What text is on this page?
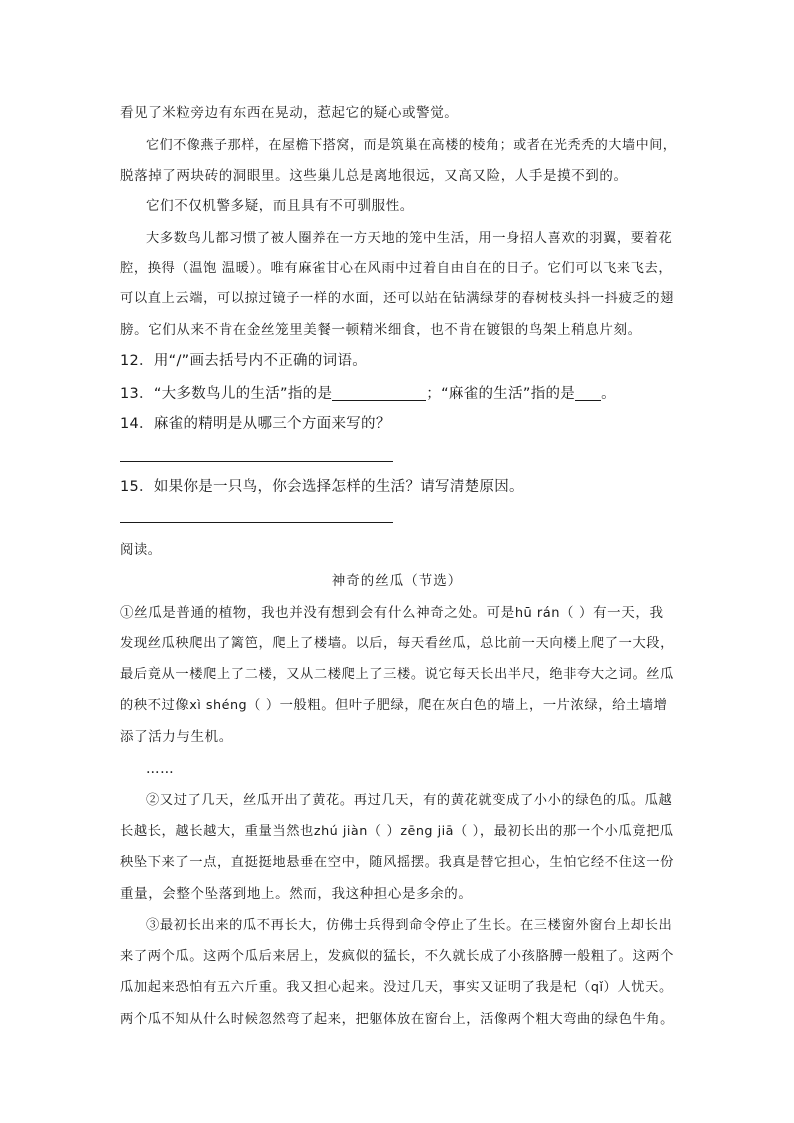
看见了米粒旁边有东西在晃动，惹起它的疑心或警觉。
它们不像燕子那样，在屋檐下搭窝，而是筑巢在高楼的棱角；或者在光秃秃的大墙中间，
脱落掉了两块砖的洞眼里。这些巢儿总是离地很远，又高又险，人手是摸不到的。
它们不仅机警多疑，而且具有不可驯服性。
大多数鸟儿都习惯了被人圈养在一方天地的笼中生活，用一身招人喜欢的羽翼，要着花
腔，换得（温饱 温暖）。唯有麻雀甘心在风雨中过着自由自在的日子。它们可以飞来飞去，
可以直上云端，可以掠过镜子一样的水面，还可以站在钻满绿芽的春树枝头抖一抖疲乏的翅
膀。它们从来不肯在金丝笼里美餐一顿精米细食，也不肯在镀银的鸟架上稍息片刻。
12．用“/”画去括号内不正确的词语。
13．“大多数鸟儿的生活”指的是	；“麻雀的生活”指的是 。
14．麻雀的精明是从哪三个方面来写的？
15．如果你是一只鸟，你会选择怎样的生活？请写清楚原因。
阅读。
神奇的丝瓜（节选）
①丝瓜是普通的植物，我也并没有想到会有什么神奇之处。可是hū rán（ ）有一天，我
发现丝瓜秧爬出了篱笆，爬上了楼墙。以后，每天看丝瓜，总比前一天向楼上爬了一大段，
最后竟从一楼爬上了二楼，又从二楼爬上了三楼。说它每天长出半尺，绝非夸大之词。丝瓜
的秧不过像xì shéng（ ）一般粗。但叶子肥绿，爬在灰白色的墙上，一片浓绿，给土墙增
添了活力与生机。
……
②又过了几天，丝瓜开出了黄花。再过几天，有的黄花就变成了小小的绿色的瓜。瓜越
长越长，越长越大，重量当然也zhú jiàn（ ）zēng jiā（ ），最初长出的那一个小瓜竟把瓜
秧坠下来了一点，直挺挺地悬垂在空中，随风摇摆。我真是替它担心，生怕它经不住这一份
重量，会整个坠落到地上。然而，我这种担心是多余的。
③最初长出来的瓜不再长大，仿佛士兵得到命令停止了生长。在三楼窗外窗台上却长出
来了两个瓜。这两个瓜后来居上，发疯似的猛长，不久就长成了小孩胳膊一般粗了。这两个
瓜加起来恐怕有五六斤重。我又担心起来。没过几天，事实又证明了我是杞（qǐ）人忧天。
两个瓜不知从什么时候忽然弯了起来，把躯体放在窗台上，活像两个粗大弯曲的绿色牛角。
